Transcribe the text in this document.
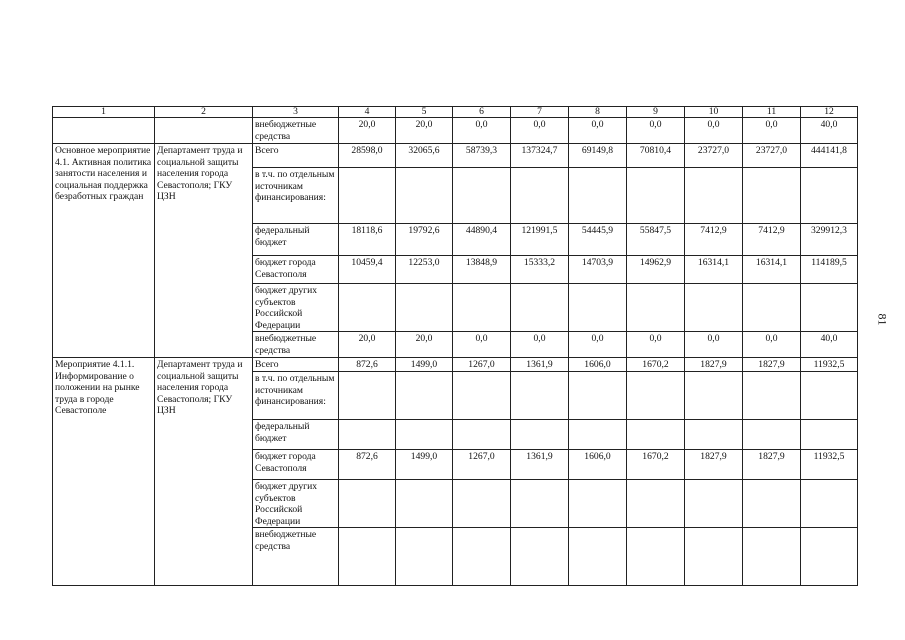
1	2	3	4	5	6	7	8	9	10	11	12
		внебюджетные средства	20,0	20,0	0,0	0,0	0,0	0,0	0,0	0,0	40,0
Основное мероприятие 4.1. Активная политика занятости населения и социальная поддержка безработных граждан	Департамент труда и социальной защиты населения города Севастополя; ГКУ ЦЗН	Всего	28598,0	32065,6	58739,3	137324,7	69149,8	70810,4	23727,0	23727,0	444141,8
		в т.ч. по отдельным источникам финансирования:									
		федеральный бюджет	18118,6	19792,6	44890,4	121991,5	54445,9	55847,5	7412,9	7412,9	329912,3
		бюджет города Севастополя	10459,4	12253,0	13848,9	15333,2	14703,9	14962,9	16314,1	16314,1	114189,5
		бюджет других субъектов Российской Федерации									
		внебюджетные средства	20,0	20,0	0,0	0,0	0,0	0,0	0,0	0,0	40,0
Мероприятие 4.1.1. Информирование о положении на рынке труда в городе Севастополе	Департамент труда и социальной защиты населения города Севастополя; ГКУ ЦЗН	Всего	872,6	1499,0	1267,0	1361,9	1606,0	1670,2	1827,9	1827,9	11932,5
		в т.ч. по отдельным источникам финансирования:									
		федеральный бюджет									
		бюджет города Севастополя	872,6	1499,0	1267,0	1361,9	1606,0	1670,2	1827,9	1827,9	11932,5
		бюджет других субъектов Российской Федерации									
		внебюджетные средства									
81
